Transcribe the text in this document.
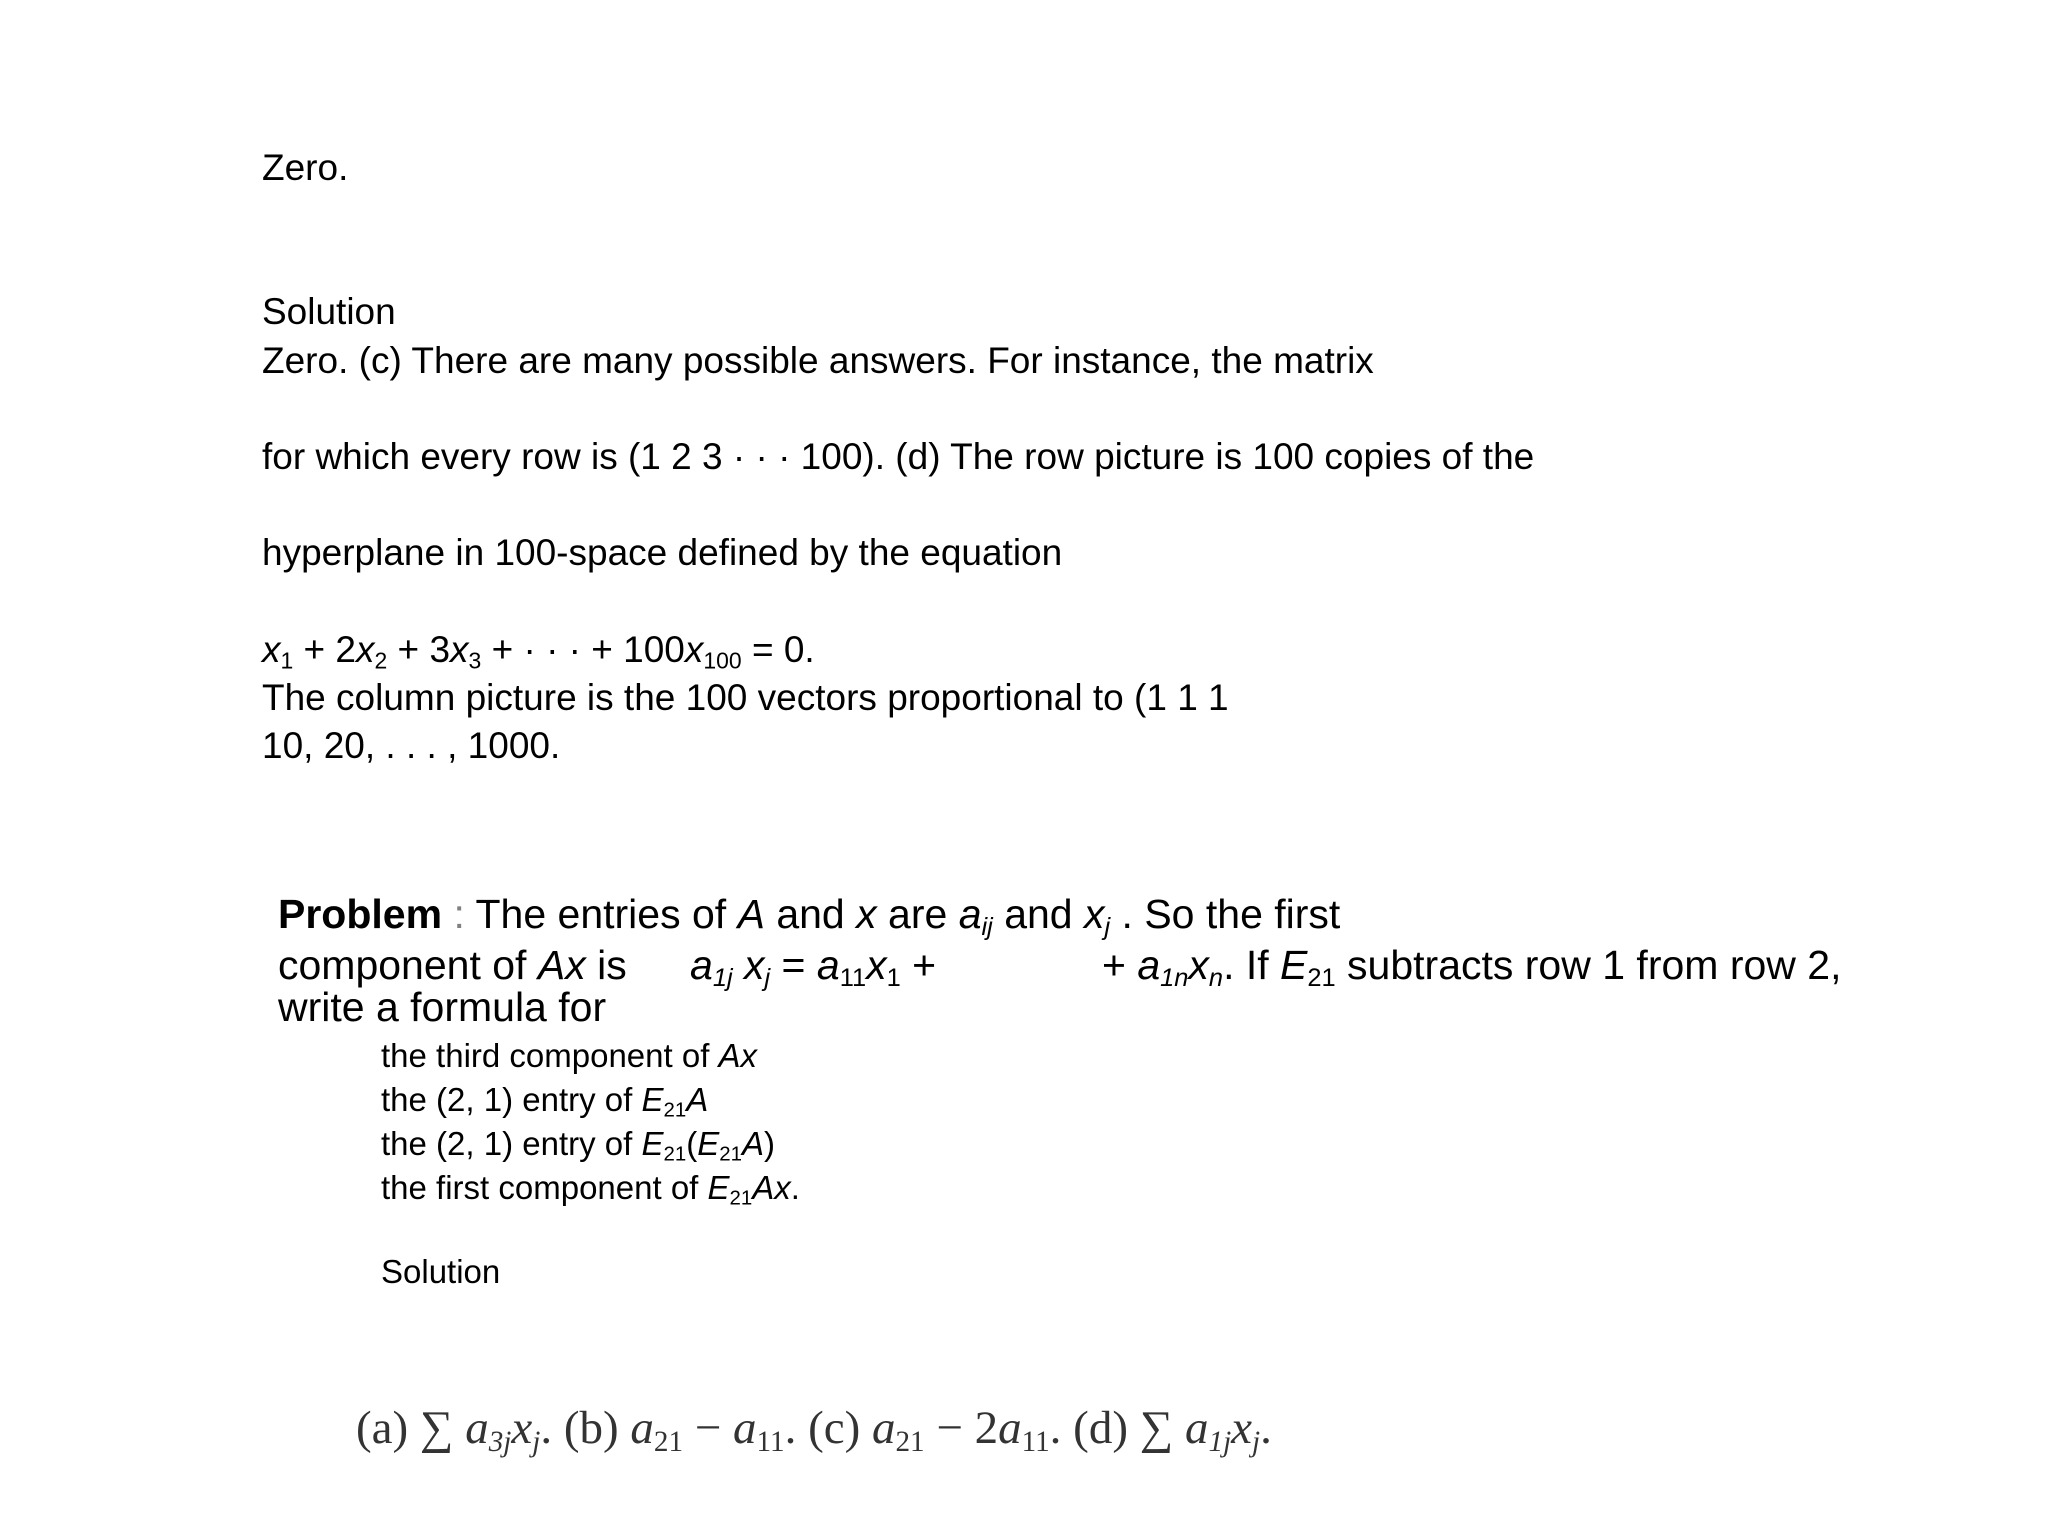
Zero.
Solution
Zero. (c) There are many possible answers. For instance, the matrix
for which every row is (1 2 3 · · · 100). (d) The row picture is 100 copies of the
hyperplane in 100-space defined by the equation
$x_1 + 2x_2 + 3x_3$ + · · · + $100x_{100} = 0$.
The column picture is the 100 vectors proportional to (1 1 1
10, 20, . . . , 1000.
Problem : The entries of A and x are $a_{ij}$ and $x_j$ . So the first
component of Ax is $a_{1j}$ $x_j = a_{11}x_1$ +	+ $a_{1n}x_n$. If $E_{21}$ subtracts row 1 from row 2,
write a formula for
the third component of Ax
the (2, 1) entry of $E_{21}A$
the (2, 1) entry of $E_{21}(E_{21}A)$
the first component of $E_{21}Ax$.
Solution
(a) ∑ $a_{3j}x_j$. (b) $a_{21} - a_{11}$. (c) $a_{21} - 2a_{11}$. (d) ∑ $a_{1j}x_j$.
